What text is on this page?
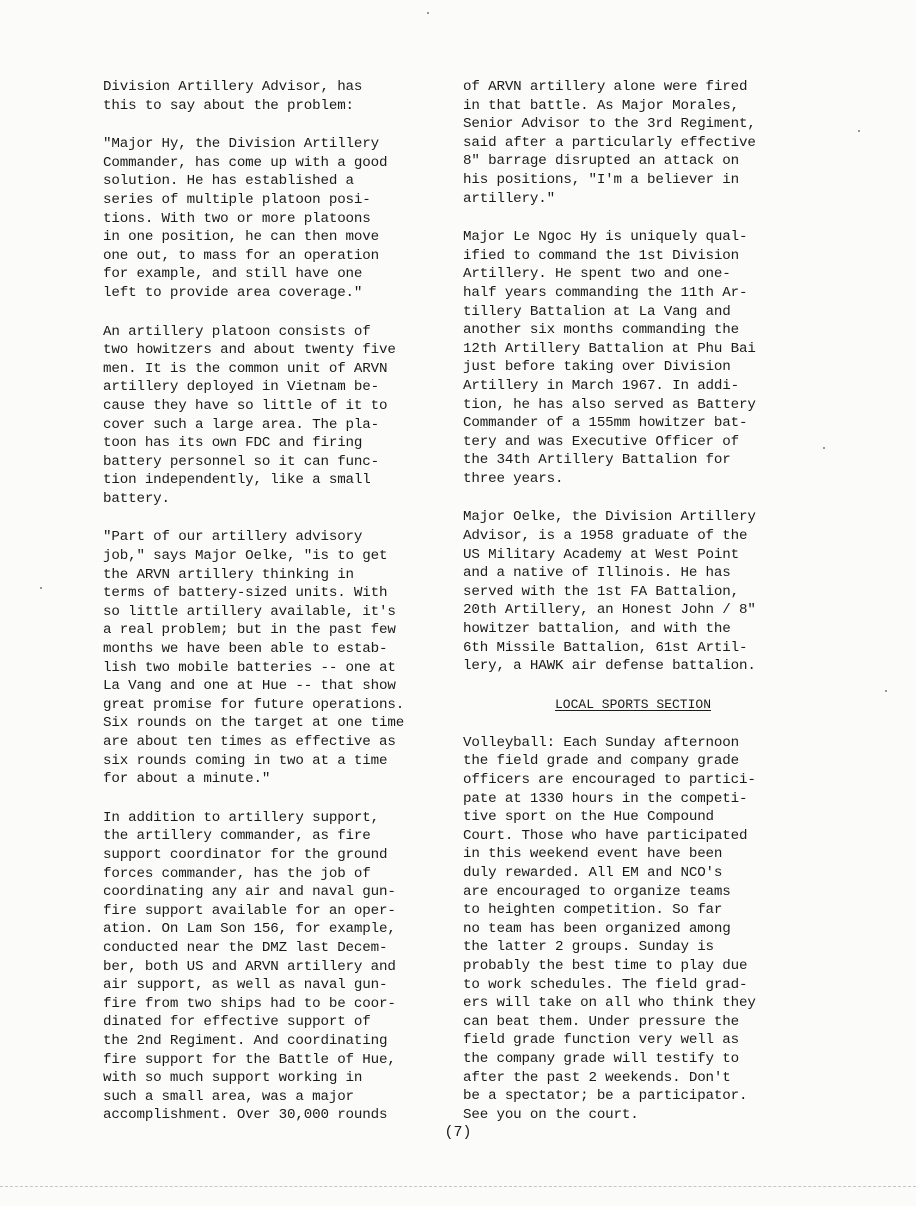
Division Artillery Advisor, has
this to say about the problem:

"Major Hy, the Division Artillery
Commander, has come up with a good
solution. He has established a
series of multiple platoon posi-
tions. With two or more platoons
in one position, he can then move
one out, to mass for an operation
for example, and still have one
left to provide area coverage."

An artillery platoon consists of
two howitzers and about twenty five
men. It is the common unit of ARVN
artillery deployed in Vietnam be-
cause they have so little of it to
cover such a large area. The pla-
toon has its own FDC and firing
battery personnel so it can func-
tion independently, like a small
battery.

"Part of our artillery advisory
job," says Major Oelke, "is to get
the ARVN artillery thinking in
terms of battery-sized units. With
so little artillery available, it's
a real problem; but in the past few
months we have been able to estab-
lish two mobile batteries -- one at
La Vang and one at Hue -- that show
great promise for future operations.
Six rounds on the target at one time
are about ten times as effective as
six rounds coming in two at a time
for about a minute."

In addition to artillery support,
the artillery commander, as fire
support coordinator for the ground
forces commander, has the job of
coordinating any air and naval gun-
fire support available for an oper-
ation. On Lam Son 156, for example,
conducted near the DMZ last Decem-
ber, both US and ARVN artillery and
air support, as well as naval gun-
fire from two ships had to be coor-
dinated for effective support of
the 2nd Regiment. And coordinating
fire support for the Battle of Hue,
with so much support working in
such a small area, was a major
accomplishment. Over 30,000 rounds

of ARVN artillery alone were fired
in that battle. As Major Morales,
Senior Advisor to the 3rd Regiment,
said after a particularly effective
8" barrage disrupted an attack on
his positions, "I'm a believer in
artillery."

Major Le Ngoc Hy is uniquely qual-
ified to command the 1st Division
Artillery. He spent two and one-
half years commanding the 11th Ar-
tillery Battalion at La Vang and
another six months commanding the
12th Artillery Battalion at Phu Bai
just before taking over Division
Artillery in March 1967. In addi-
tion, he has also served as Battery
Commander of a 155mm howitzer bat-
tery and was Executive Officer of
the 34th Artillery Battalion for
three years.

Major Oelke, the Division Artillery
Advisor, is a 1958 graduate of the
US Military Academy at West Point
and a native of Illinois. He has
served with the 1st FA Battalion,
20th Artillery, an Honest John / 8"
howitzer battalion, and with the
6th Missile Battalion, 61st Artil-
lery, a HAWK air defense battalion.

LOCAL SPORTS SECTION

Volleyball: Each Sunday afternoon
the field grade and company grade
officers are encouraged to partici-
pate at 1330 hours in the competi-
tive sport on the Hue Compound
Court. Those who have participated
in this weekend event have been
duly rewarded. All EM and NCO's
are encouraged to organize teams
to heighten competition. So far
no team has been organized among
the latter 2 groups. Sunday is
probably the best time to play due
to work schedules. The field grad-
ers will take on all who think they
can beat them. Under pressure the
field grade function very well as
the company grade will testify to
after the past 2 weekends. Don't
be a spectator; be a participator.
See you on the court.

(7)
